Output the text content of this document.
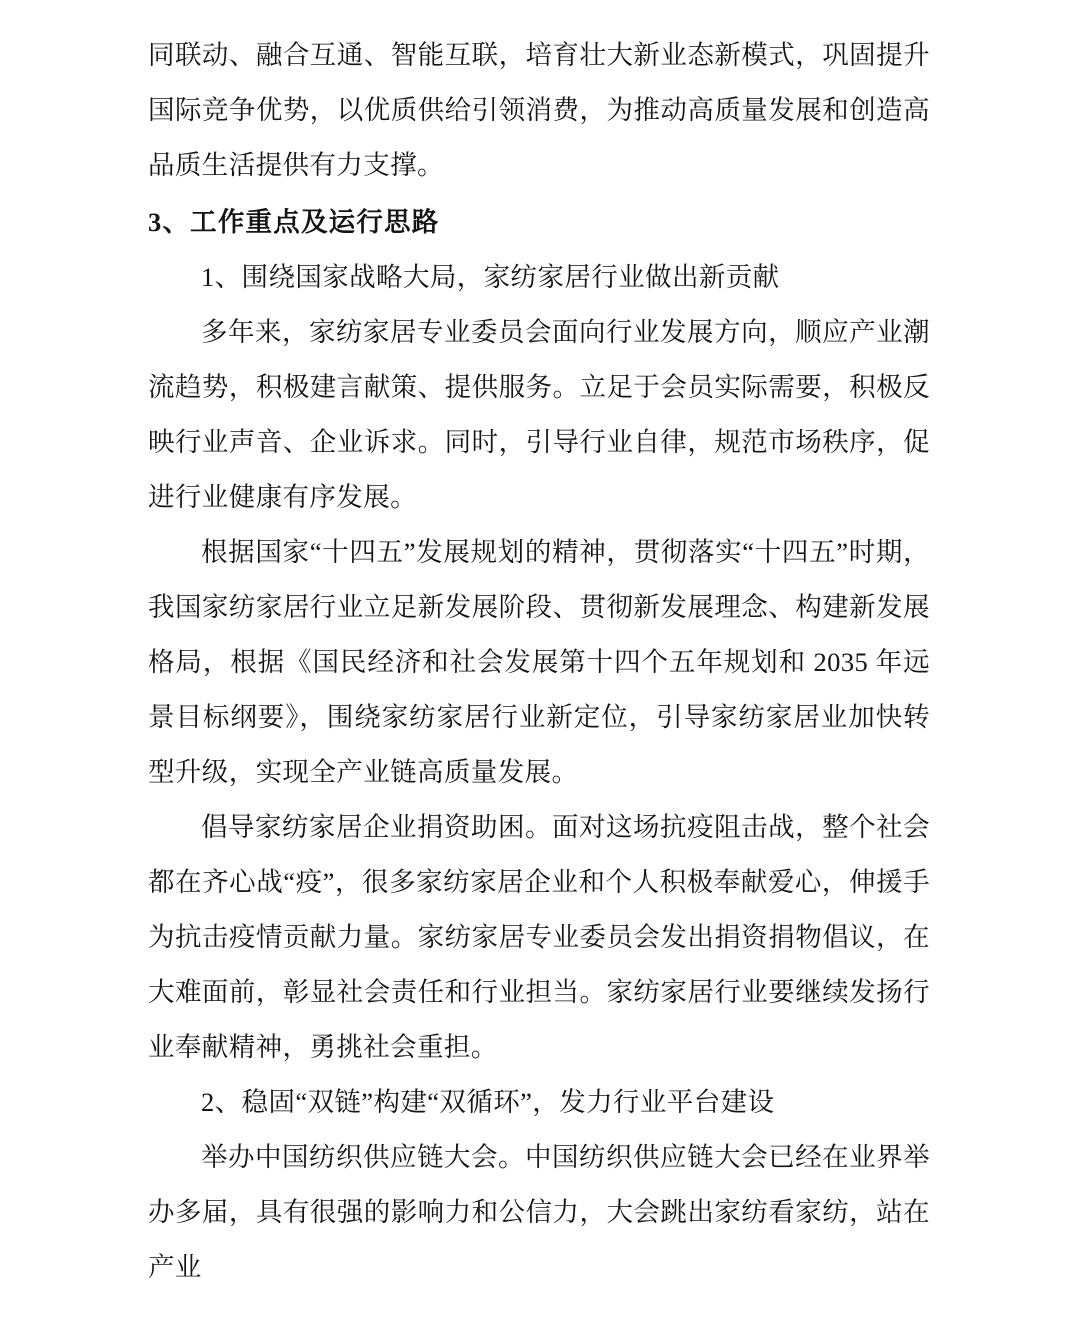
同联动、融合互通、智能互联，培育壮大新业态新模式，巩固提升国际竞争优势，以优质供给引领消费，为推动高质量发展和创造高品质生活提供有力支撑。

3、工作重点及运行思路

1、围绕国家战略大局，家纺家居行业做出新贡献

多年来，家纺家居专业委员会面向行业发展方向，顺应产业潮流趋势，积极建言献策、提供服务。立足于会员实际需要，积极反映行业声音、企业诉求。同时，引导行业自律，规范市场秩序，促进行业健康有序发展。

根据国家“十四五”发展规划的精神，贯彻落实“十四五”时期，我国家纺家居行业立足新发展阶段、贯彻新发展理念、构建新发展格局，根据《国民经济和社会发展第十四个五年规划和 2035 年远景目标纲要》，围绕家纺家居行业新定位，引导家纺家居业加快转型升级，实现全产业链高质量发展。

倡导家纺家居企业捐资助困。面对这场抗疫阻击战，整个社会都在齐心战“疫”，很多家纺家居企业和个人积极奉献爱心，伸援手为抗击疫情贡献力量。家纺家居专业委员会发出捐资捐物倡议，在大难面前，彰显社会责任和行业担当。家纺家居行业要继续发扬行业奉献精神，勇挑社会重担。

2、稳固“双链”构建“双循环”，发力行业平台建设

举办中国纺织供应链大会。中国纺织供应链大会已经在业界举办多届，具有很强的影响力和公信力，大会跳出家纺看家纺，站在产业
